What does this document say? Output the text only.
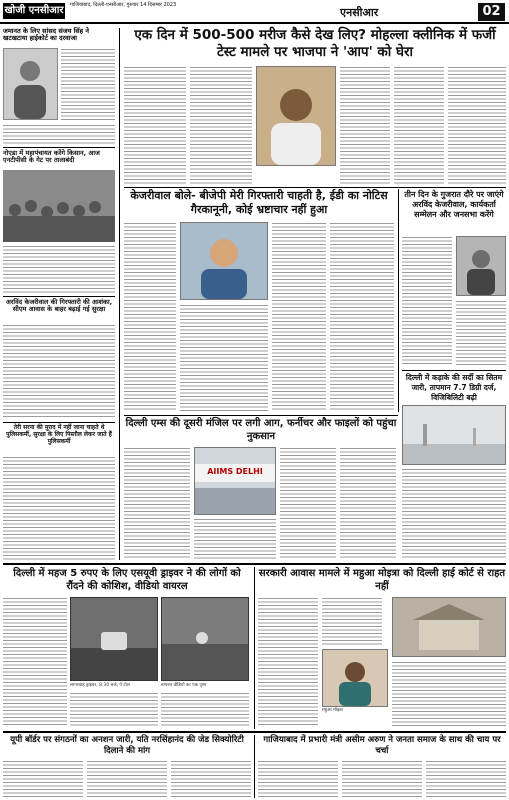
खोजी एनसीआर	गाजियाबाद, दिल्ली-एनसीआर, गुरुवार 14 दिसम्बर 2023
एनसीआर	02
जमानत के लिए सांसद संजय सिंह ने खटखटाया हाईकोर्ट का दरवाजा
नोएडा में महापंचायत करेंगे किसान, आज एनटीपीसी के गेट पर तालाबंदी
अरविंद केजरीवाल की गिरफ्तारी की आशंका, सीएम आवास के बाहर बढ़ाई गई सुरक्षा
तेरी सरना की मुराद में नहीं जाना चाहते थे पुलिसकर्मी, सुरक्षा के लिए पिस्तौल लेकर जाते हैं पुलिसकर्मी
एक दिन में 500-500 मरीज कैसे देख लिए? मोहल्ला क्लीनिक में फर्जी टेस्ट मामले पर भाजपा ने 'आप' को घेरा
केजरीवाल बोले- बीजेपी मेरी गिरफ्तारी चाहती है, ईडी का नोटिस गैरकानूनी, कोई भ्रष्टाचार नहीं हुआ
तीन दिन के गुजरात दौरे पर जाएंगे अरविंद केजरीवाल, कार्यकर्ता सम्मेलन और जनसभा करेंगे
दिल्ली में कड़ाके की सर्दी का सितम जारी, तापमान 7.7 डिग्री दर्ज, विजिबिलिटी बढ़ी
दिल्ली एम्स की दूसरी मंजिल पर लगी आग, फर्नीचर और फाइलों को पहुंचा नुकसान
AIIMS DELHI
दिल्ली में महज 5 रुपए के लिए एसयूवी ड्राइवर ने की लोगों को रौंदने की कोशिश, वीडियो वायरल
लापरवाह ड्राइवर, 8:30 बजे, पे टोल	वायरल वीडियो का एक दृश्य
सरकारी आवास मामले में महुआ मोइत्रा को दिल्ली हाई कोर्ट से राहत नहीं
महुआ मोइत्रा
यूपी बॉर्डर पर संगठनों का अनशन जारी, यति नरसिंहानंद की जेड सिक्योरिटी दिलाने की मांग
गाजियाबाद में प्रभारी मंत्री असीम अरुण ने जनता समाज के साथ की चाय पर चर्चा
